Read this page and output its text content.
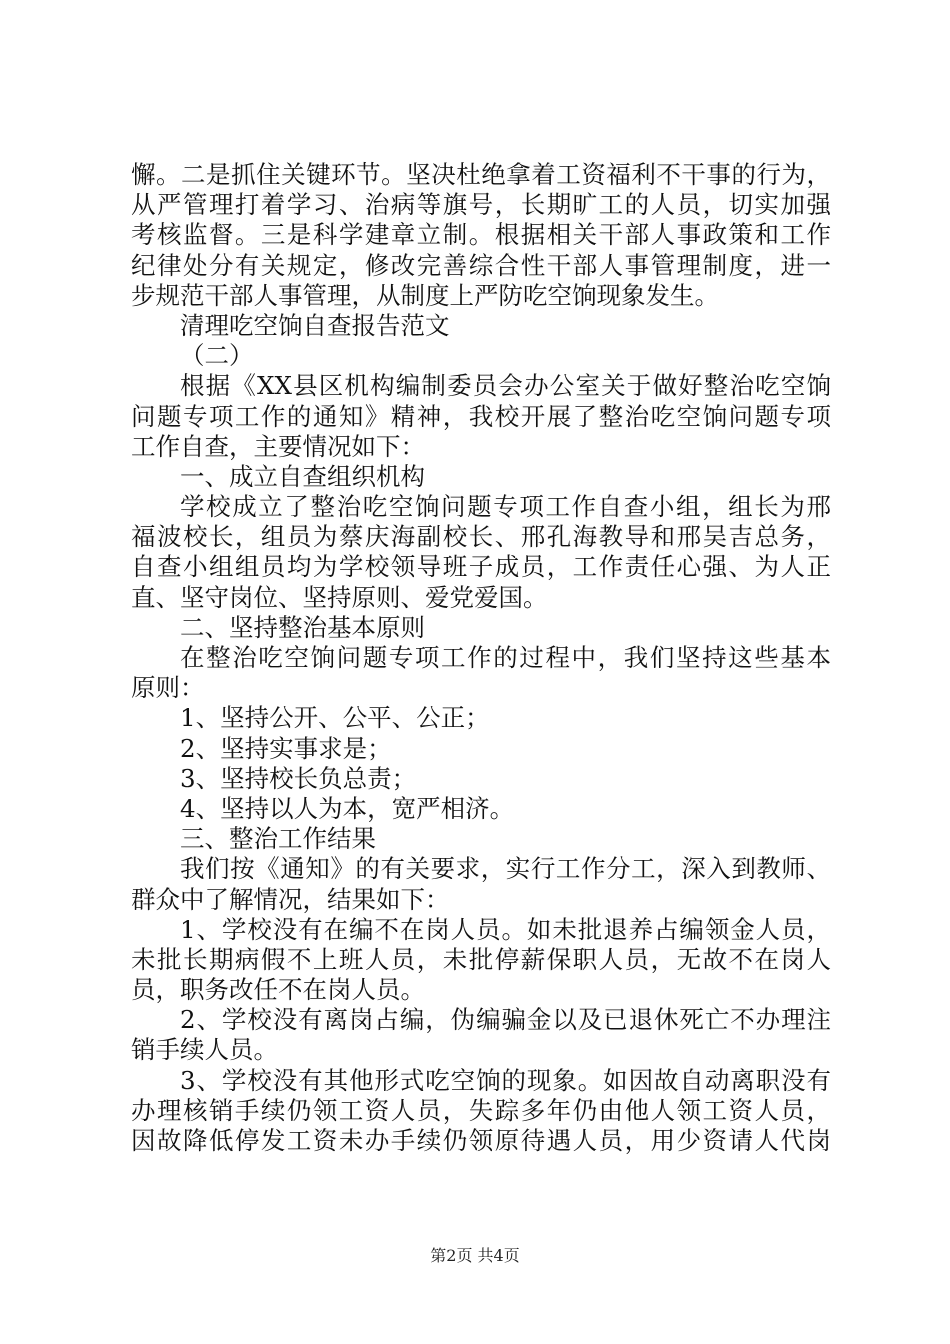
懈。二是抓住关键环节。坚决杜绝拿着工资福利不干事的行为，

从严管理打着学习、治病等旗号，长期旷工的人员，切实加强

考核监督。三是科学建章立制。根据相关干部人事政策和工作

纪律处分有关规定，修改完善综合性干部人事管理制度，进一

步规范干部人事管理，从制度上严防吃空饷现象发生。

清理吃空饷自查报告范文

（二）

根据《XX县区机构编制委员会办公室关于做好整治吃空饷

问题专项工作的通知》精神，我校开展了整治吃空饷问题专项

工作自查，主要情况如下：

一、成立自查组织机构

学校成立了整治吃空饷问题专项工作自查小组，组长为邢

福波校长，组员为蔡庆海副校长、邢孔海教导和邢吴吉总务，

自查小组组员均为学校领导班子成员，工作责任心强、为人正

直、坚守岗位、坚持原则、爱党爱国。

二、坚持整治基本原则

在整治吃空饷问题专项工作的过程中，我们坚持这些基本

原则：

1、坚持公开、公平、公正；

2、坚持实事求是；

3、坚持校长负总责；

4、坚持以人为本，宽严相济。

三、整治工作结果

我们按《通知》的有关要求，实行工作分工，深入到教师、

群众中了解情况，结果如下：

1、学校没有在编不在岗人员。如未批退养占编领金人员，

未批长期病假不上班人员，未批停薪保职人员，无故不在岗人

员，职务改任不在岗人员。

2、学校没有离岗占编，伪编骗金以及已退休死亡不办理注

销手续人员。

3、学校没有其他形式吃空饷的现象。如因故自动离职没有

办理核销手续仍领工资人员，失踪多年仍由他人领工资人员，

因故降低停发工资未办手续仍领原待遇人员，用少资请人代岗

第2页 共4页
